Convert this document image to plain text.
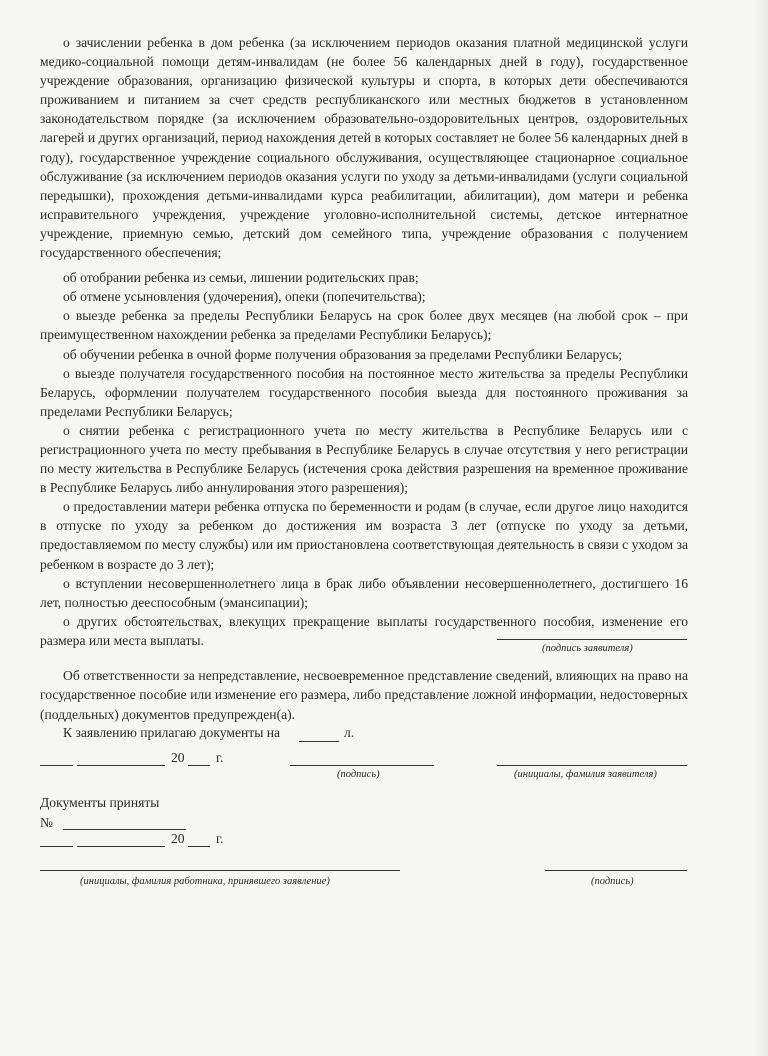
о зачислении ребенка в дом ребенка (за исключением периодов оказания платной медицинской услуги медико-социальной помощи детям-инвалидам (не более 56 календарных дней в году), государственное учреждение образования, организацию физической культуры и спорта, в которых дети обеспечиваются проживанием и питанием за счет средств республиканского или местных бюджетов в установленном законодательством порядке (за исключением образовательно-оздоровительных центров, оздоровительных лагерей и других организаций, период нахождения детей в которых составляет не более 56 календарных дней в году), государственное учреждение социального обслуживания, осуществляющее стационарное социальное обслуживание (за исключением периодов оказания услуги по уходу за детьми-инвалидами (услуги социальной передышки), прохождения детьми-инвалидами курса реабилитации, абилитации), дом матери и ребенка исправительного учреждения, учреждение уголовно-исполнительной системы, детское интернатное учреждение, приемную семью, детский дом семейного типа, учреждение образования с получением государственного обеспечения;

об отобрании ребенка из семьи, лишении родительских прав;

об отмене усыновления (удочерения), опеки (попечительства);

о выезде ребенка за пределы Республики Беларусь на срок более двух месяцев (на любой срок – при преимущественном нахождении ребенка за пределами Республики Беларусь);

об обучении ребенка в очной форме получения образования за пределами Республики Беларусь;

о выезде получателя государственного пособия на постоянное место жительства за пределы Республики Беларусь, оформлении получателем государственного пособия выезда для постоянного проживания за пределами Республики Беларусь;

о снятии ребенка с регистрационного учета по месту жительства в Республике Беларусь или с регистрационного учета по месту пребывания в Республике Беларусь в случае отсутствия у него регистрации по месту жительства в Республике Беларусь (истечения срока действия разрешения на временное проживание в Республике Беларусь либо аннулирования этого разрешения);

о предоставлении матери ребенка отпуска по беременности и родам (в случае, если другое лицо находится в отпуске по уходу за ребенком до достижения им возраста 3 лет (отпуске по уходу за детьми, предоставляемом по месту службы) или им приостановлена соответствующая деятельность в связи с уходом за ребенком в возрасте до 3 лет);

о вступлении несовершеннолетнего лица в брак либо объявлении несовершеннолетнего, достигшего 16 лет, полностью дееспособным (эмансипации);

о других обстоятельствах, влекущих прекращение выплаты государственного пособия, изменение его размера или места выплаты.

(подпись заявителя)

Об ответственности за непредставление, несвоевременное представление сведений, влияющих на право на государственное пособие или изменение его размера, либо представление ложной информации, недостоверных (поддельных) документов предупрежден(а).

К заявлению прилагаю документы на	л.
20 г.
(подпись)	(инициалы, фамилия заявителя)
Документы приняты
№
20 г.
(инициалы, фамилия работника, принявшего заявление)	(подпись)
